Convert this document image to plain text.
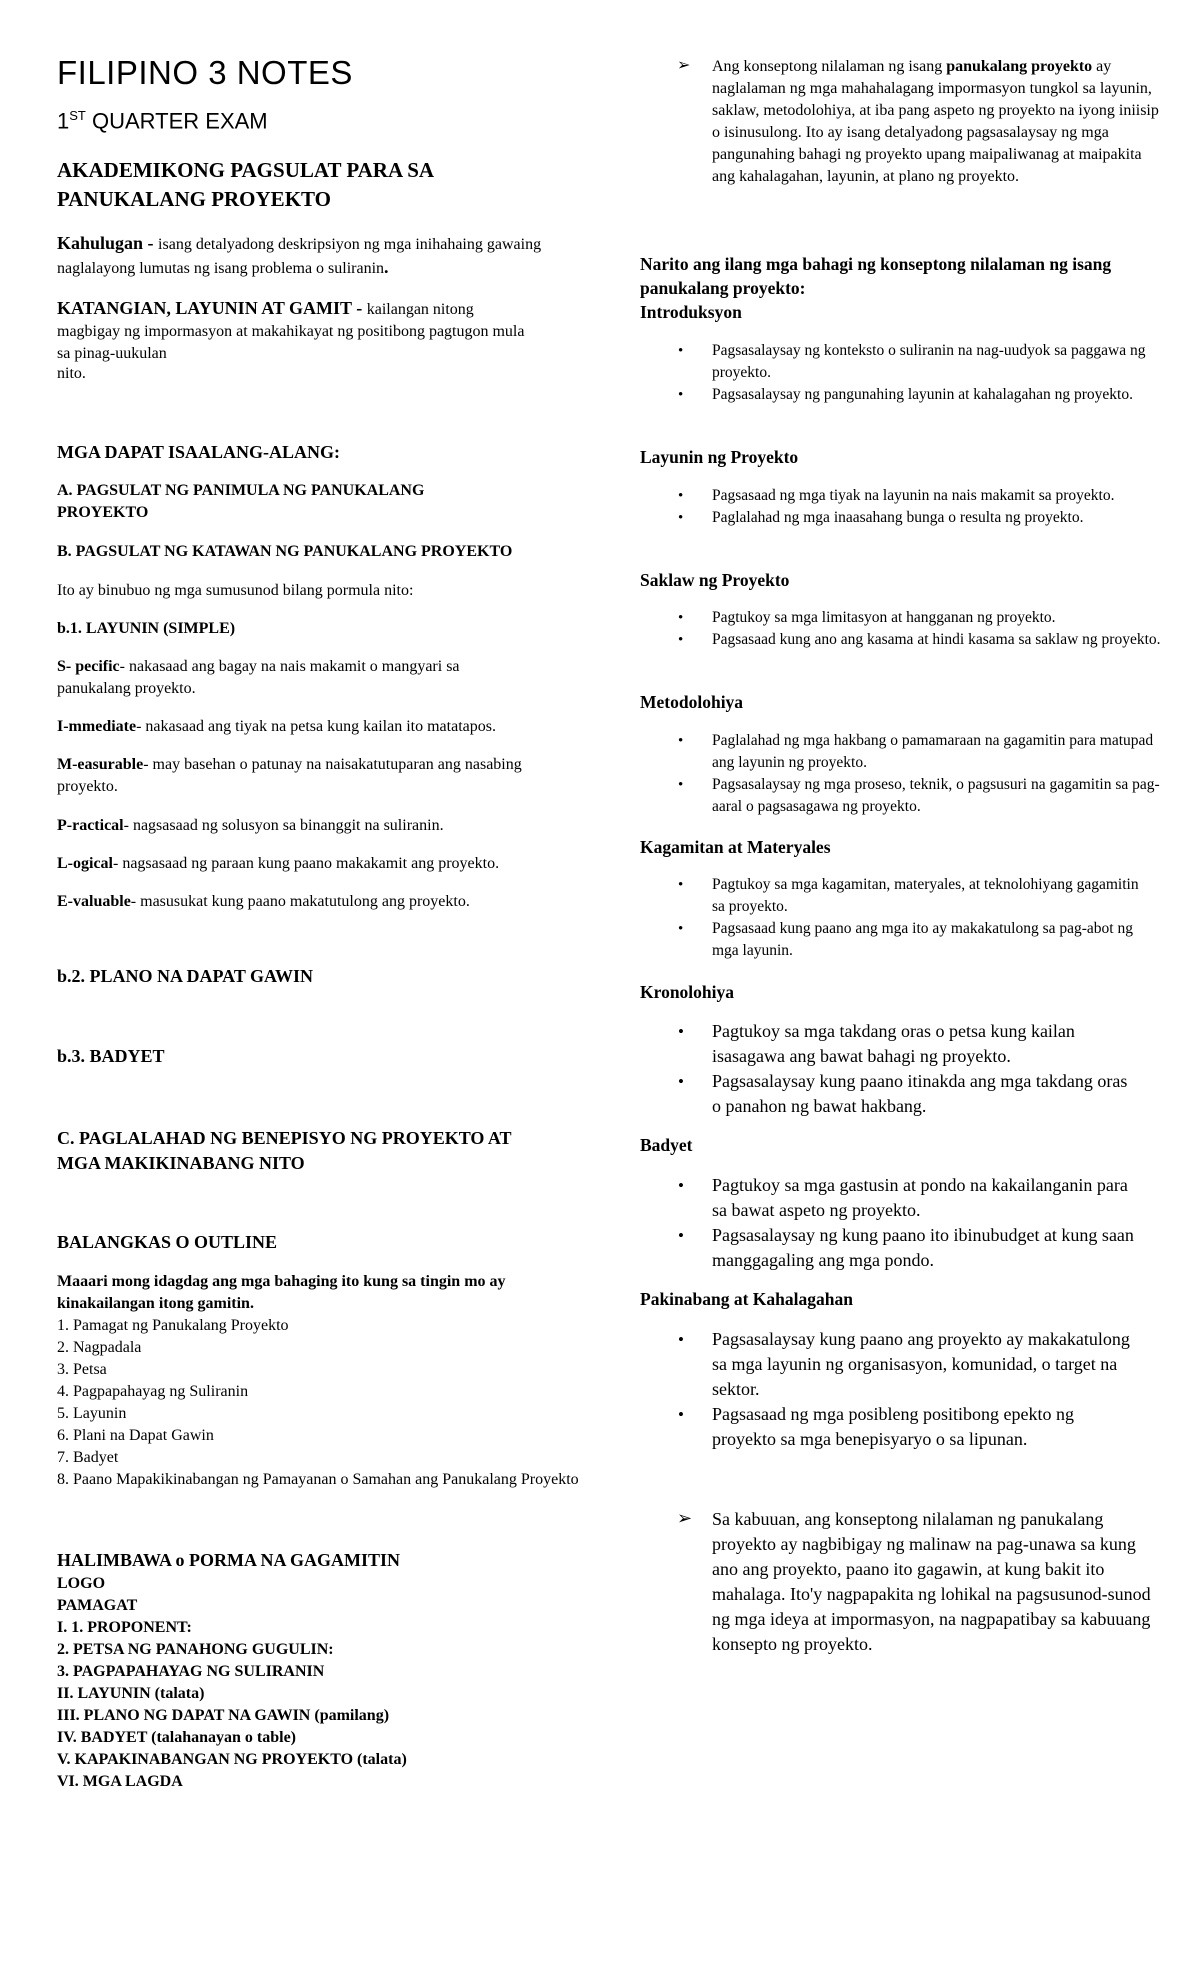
FILIPINO 3 NOTES
1ST QUARTER EXAM
AKADEMIKONG PAGSULAT PARA SA PANUKALANG PROYEKTO

Kahulugan - isang detalyadong deskripsiyon ng mga inihahaing gawaing naglalayong lumutas ng isang problema o suliranin.

KATANGIAN, LAYUNIN AT GAMIT - kailangan nitong magbigay ng impormasyon at makahikayat ng positibong pagtugon mula sa pinag-uukulan

nito.

MGA DAPAT ISAALANG-ALANG:
A. PAGSULAT NG PANIMULA NG PANUKALANG PROYEKTO
B. PAGSULAT NG KATAWAN NG PANUKALANG PROYEKTO

Ito ay binubuo ng mga sumusunod bilang pormula nito:

b.1. LAYUNIN (SIMPLE)

S- pecific- nakasaad ang bagay na nais makamit o mangyari sa panukalang proyekto.

I-mmediate- nakasaad ang tiyak na petsa kung kailan ito matatapos.

M-easurable- may basehan o patunay na naisakatutuparan ang nasabing proyekto.

P-ractical- nagsasaad ng solusyon sa binanggit na suliranin.

L-ogical- nagsasaad ng paraan kung paano makakamit ang proyekto.

E-valuable- masusukat kung paano makatutulong ang proyekto.

b.2. PLANO NA DAPAT GAWIN
b.3. BADYET
C. PAGLALAHAD NG BENEPISYO NG PROYEKTO AT MGA MAKIKINABANG NITO
BALANGKAS O OUTLINE

Maaari mong idagdag ang mga bahaging ito kung sa tingin mo ay kinakailangan itong gamitin.

1. Pamagat ng Panukalang Proyekto
2. Nagpadala
3. Petsa
4. Pagpapahayag ng Suliranin
5. Layunin
6. Plani na Dapat Gawin
7. Badyet
8. Paano Mapakikinabangan ng Pamayanan o Samahan ang Panukalang Proyekto
HALIMBAWA o PORMA NA GAGAMITIN
LOGO
PAMAGAT
I. 1. PROPONENT:
2. PETSA NG PANAHONG GUGULIN:
3. PAGPAPAHAYAG NG SULIRANIN
II. LAYUNIN (talata)
III. PLANO NG DAPAT NA GAWIN (pamilang)
IV. BADYET (talahanayan o table)
V. KAPAKINABANGAN NG PROYEKTO (talata)
VI. MGA LAGDA
➢ Ang konseptong nilalaman ng isang panukalang proyekto ay naglalaman ng mga mahahalagang impormasyon tungkol sa layunin, saklaw, metodolohiya, at iba pang aspeto ng proyekto na iyong iniisip o isinusulong. Ito ay isang detalyadong pagsasalaysay ng mga pangunahing bahagi ng proyekto upang maipaliwanag at maipakita ang kahalagahan, layunin, at plano ng proyekto.
Narito ang ilang mga bahagi ng konseptong nilalaman ng isang panukalang proyekto:
Introduksyon
• Pagsasalaysay ng konteksto o suliranin na nag-uudyok sa paggawa ng proyekto.
• Pagsasalaysay ng pangunahing layunin at kahalagahan ng proyekto.
Layunin ng Proyekto
• Pagsasaad ng mga tiyak na layunin na nais makamit sa proyekto.
• Paglalahad ng mga inaasahang bunga o resulta ng proyekto.
Saklaw ng Proyekto
• Pagtukoy sa mga limitasyon at hangganan ng proyekto.
• Pagsasaad kung ano ang kasama at hindi kasama sa saklaw ng proyekto.
Metodolohiya
• Paglalahad ng mga hakbang o pamamaraan na gagamitin para matupad ang layunin ng proyekto.
• Pagsasalaysay ng mga proseso, teknik, o pagsusuri na gagamitin sa pag-aaral o pagsasagawa ng proyekto.
Kagamitan at Materyales
• Pagtukoy sa mga kagamitan, materyales, at teknolohiyang gagamitin sa proyekto.
• Pagsasaad kung paano ang mga ito ay makakatulong sa pag-abot ng mga layunin.
Kronolohiya
• Pagtukoy sa mga takdang oras o petsa kung kailan isasagawa ang bawat bahagi ng proyekto.
• Pagsasalaysay kung paano itinakda ang mga takdang oras o panahon ng bawat hakbang.
Badyet
• Pagtukoy sa mga gastusin at pondo na kakailanganin para sa bawat aspeto ng proyekto.
• Pagsasalaysay ng kung paano ito ibinubudget at kung saan manggagaling ang mga pondo.
Pakinabang at Kahalagahan
• Pagsasalaysay kung paano ang proyekto ay makakatulong sa mga layunin ng organisasyon, komunidad, o target na sektor.
• Pagsasaad ng mga posibleng positibong epekto ng proyekto sa mga benepisyaryo o sa lipunan.
➢ Sa kabuuan, ang konseptong nilalaman ng panukalang proyekto ay nagbibigay ng malinaw na pag-unawa sa kung ano ang proyekto, paano ito gagawin, at kung bakit ito mahalaga. Ito'y nagpapakita ng lohikal na pagsusunod-sunod ng mga ideya at impormasyon, na nagpapatibay sa kabuuang konsepto ng proyekto.
